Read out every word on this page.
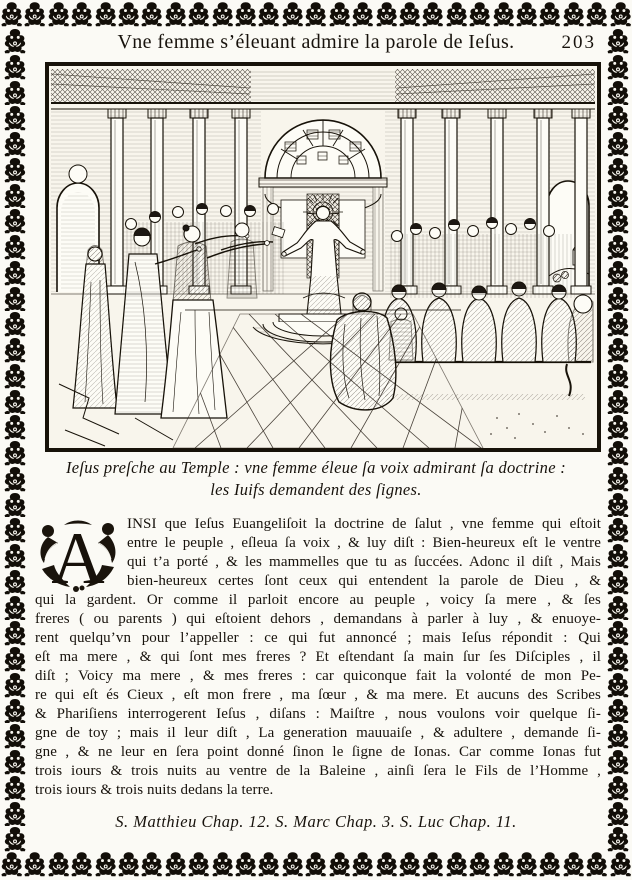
Vne femme s’éleuant admire la parole de Ieſus. 203
Ieſus preſche au Temple : vne femme éleue ſa voix admirant ſa doctrine :
les Iuifs demandent des ſignes.
A	INSI que Ieſus Euangeliſoit la doctrine de ſalut , vne femme qui eſtoit
entre le peuple , eſleua ſa voix , & luy diſt : Bien-heureux eſt le ventre
qui t’a porté , & les mammelles que tu as ſuccées. Adonc il diſt , Mais
bien-heureux certes ſont ceux qui entendent la parole de Dieu , &
qui la gardent. Or comme il parloit encore au peuple , voicy ſa mere , & ſes
freres ( ou parents ) qui eſtoient dehors , demandans à parler à luy , & enuoye-
rent quelqu’vn pour l’appeller : ce qui fut annoncé ; mais Ieſus répondit : Qui
eſt ma mere , & qui ſont mes freres ? Et eſtendant ſa main ſur ſes Diſciples , il
diſt ; Voicy ma mere , & mes freres : car quiconque fait la volonté de mon Pe-
re qui eſt és Cieux , eſt mon frere , ma ſœur , & ma mere. Et aucuns des Scribes
& Phariſiens interrogerent Ieſus , diſans : Maiſtre , nous voulons voir quelque ſi-
gne de toy ; mais il leur diſt , La generation mauuaiſe , & adultere , demande ſi-
gne , & ne leur en ſera point donné ſinon le ſigne de Ionas. Car comme Ionas fut
trois iours & trois nuits au ventre de la Baleine , ainſi ſera le Fils de l’Homme ,
trois iours & trois nuits dedans la terre.
S. Matthieu Chap. 12. S. Marc Chap. 3. S. Luc Chap. 11.
